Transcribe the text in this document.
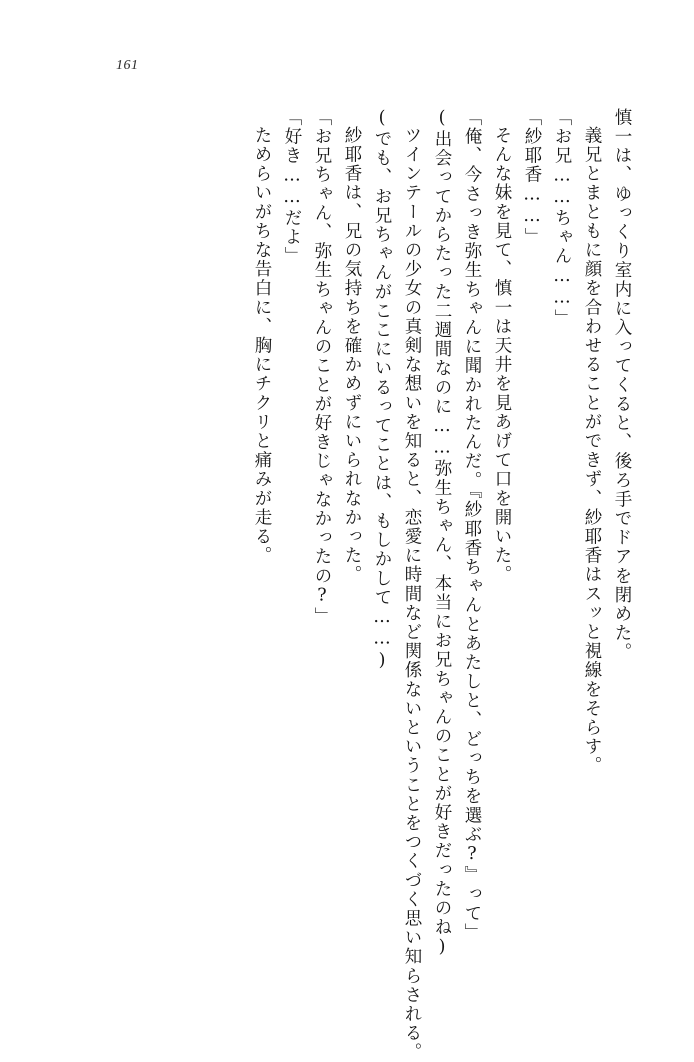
161
慎一は、ゆっくり室内に入ってくると、後ろ手でドアを閉めた。
義兄とまともに顔を合わせることができず、紗耶香はスッと視線をそらす。
「お兄……ちゃん……」
「紗耶香……」
そんな妹を見て、慎一は天井を見あげて口を開いた。
「俺、今さっき弥生ちゃんに聞かれたんだ。『紗耶香ちゃんとあたしと、どっちを選ぶ?』って」
(出会ってからたった二週間なのに……弥生ちゃん、本当にお兄ちゃんのことが好きだったのね)
ツインテールの少女の真剣な想いを知ると、恋愛に時間など関係ないということをつくづく思い知らされる。
(でも、お兄ちゃんがここにいるってことは、もしかして……)
紗耶香は、兄の気持ちを確かめずにいられなかった。
「お兄ちゃん、弥生ちゃんのことが好きじゃなかったの?」
「好き……だよ」
ためらいがちな告白に、胸にチクリと痛みが走る。
